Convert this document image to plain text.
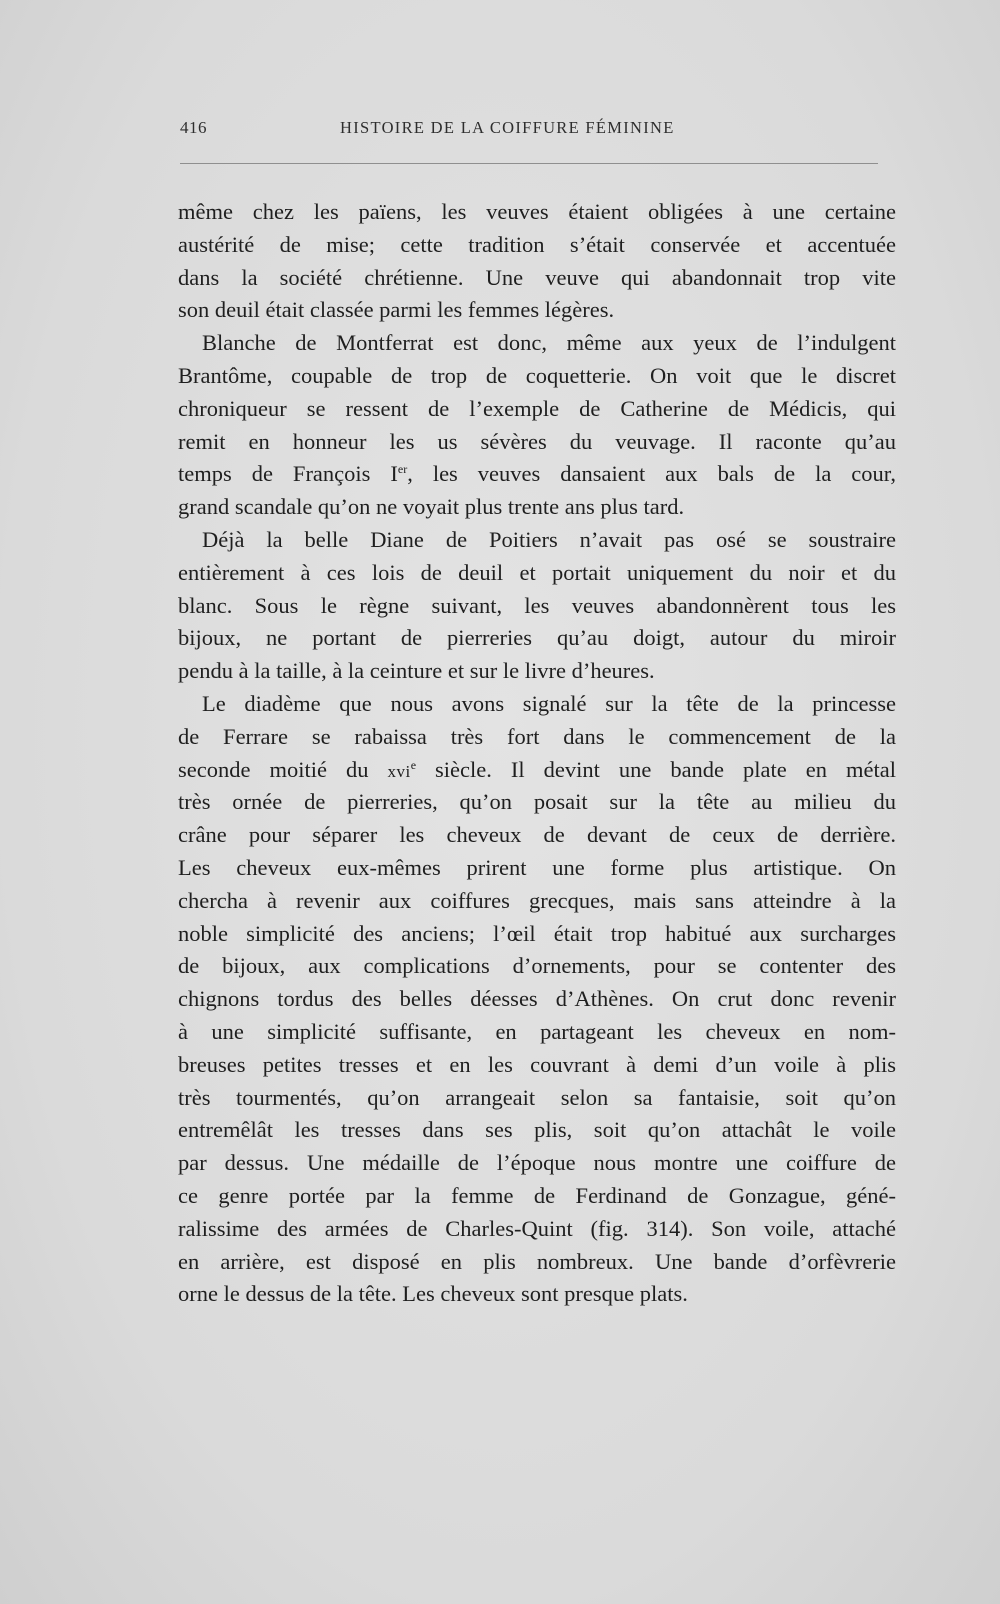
416	HISTOIRE DE LA COIFFURE FÉMININE
même chez les païens, les veuves étaient obligées à une certaine
austérité de mise; cette tradition s’était conservée et accentuée
dans la société chrétienne. Une veuve qui abandonnait trop vite
son deuil était classée parmi les femmes légères.
Blanche de Montferrat est donc, même aux yeux de l’indulgent
Brantôme, coupable de trop de coquetterie. On voit que le discret
chroniqueur se ressent de l’exemple de Catherine de Médicis, qui
remit en honneur les us sévères du veuvage. Il raconte qu’au
temps de François Ier, les veuves dansaient aux bals de la cour,
grand scandale qu’on ne voyait plus trente ans plus tard.
Déjà la belle Diane de Poitiers n’avait pas osé se soustraire
entièrement à ces lois de deuil et portait uniquement du noir et du
blanc. Sous le règne suivant, les veuves abandonnèrent tous les
bijoux, ne portant de pierreries qu’au doigt, autour du miroir
pendu à la taille, à la ceinture et sur le livre d’heures.
Le diadème que nous avons signalé sur la tête de la princesse
de Ferrare se rabaissa très fort dans le commencement de la
seconde moitié du xvi$^e$ siècle. Il devint une bande plate en métal
très ornée de pierreries, qu’on posait sur la tête au milieu du
crâne pour séparer les cheveux de devant de ceux de derrière.
Les cheveux eux-mêmes prirent une forme plus artistique. On
chercha à revenir aux coiffures grecques, mais sans atteindre à la
noble simplicité des anciens; l’œil était trop habitué aux surcharges
de bijoux, aux complications d’ornements, pour se contenter des
chignons tordus des belles déesses d’Athènes. On crut donc revenir
à une simplicité suffisante, en partageant les cheveux en nom-
breuses petites tresses et en les couvrant à demi d’un voile à plis
très tourmentés, qu’on arrangeait selon sa fantaisie, soit qu’on
entremêlât les tresses dans ses plis, soit qu’on attachât le voile
par dessus. Une médaille de l’époque nous montre une coiffure de
ce genre portée par la femme de Ferdinand de Gonzague, géné-
ralissime des armées de Charles-Quint (fig. 314). Son voile, attaché
en arrière, est disposé en plis nombreux. Une bande d’orfèvrerie
orne le dessus de la tête. Les cheveux sont presque plats.
